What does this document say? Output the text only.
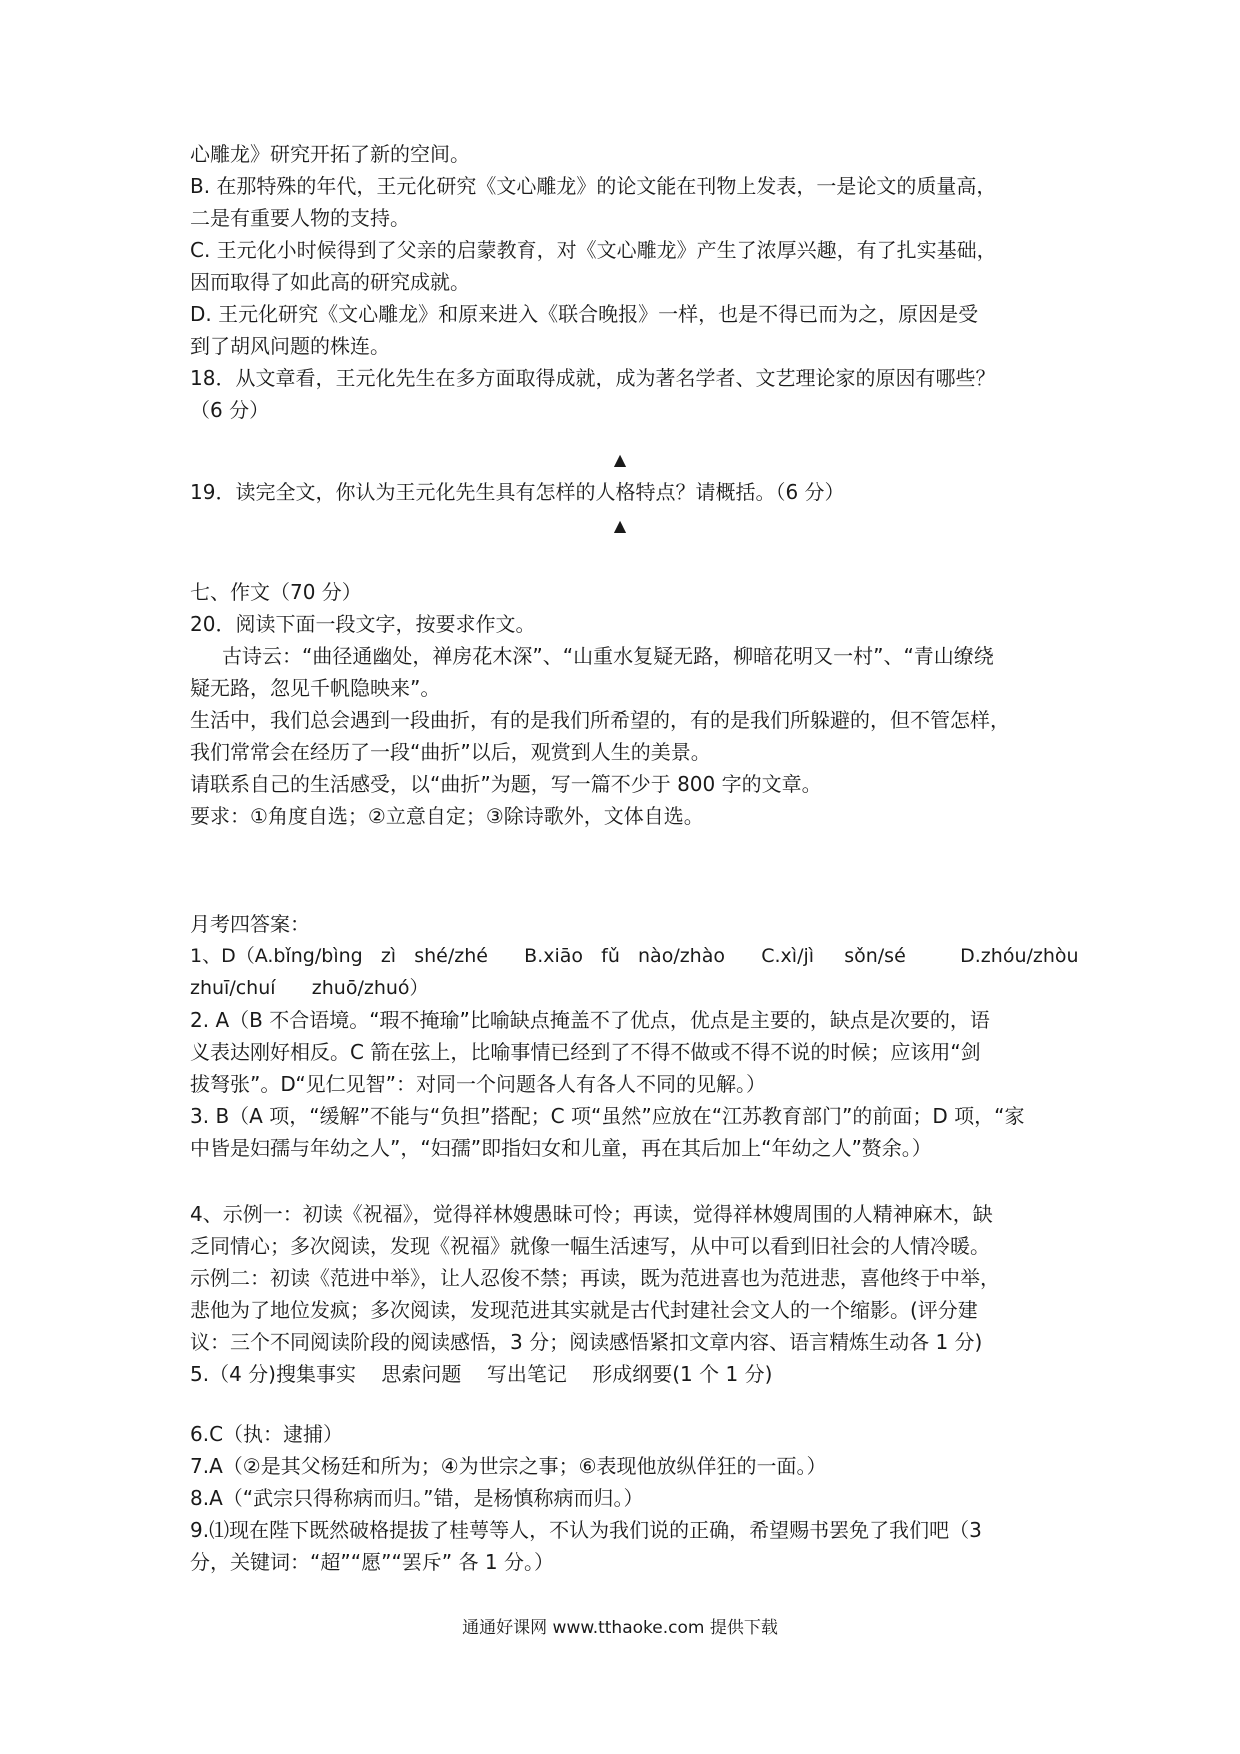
心雕龙》研究开拓了新的空间。
B. 在那特殊的年代，王元化研究《文心雕龙》的论文能在刊物上发表，一是论文的质量高，
二是有重要人物的支持。
C. 王元化小时候得到了父亲的启蒙教育，对《文心雕龙》产生了浓厚兴趣，有了扎实基础，
因而取得了如此高的研究成就。
D. 王元化研究《文心雕龙》和原来进入《联合晚报》一样，也是不得已而为之，原因是受
到了胡风问题的株连。
18．从文章看，王元化先生在多方面取得成就，成为著名学者、文艺理论家的原因有哪些？
（6 分）
▲
19．读完全文，你认为王元化先生具有怎样的人格特点？请概括。（6 分）
▲
七、作文（70 分）
20．阅读下面一段文字，按要求作文。
古诗云：“曲径通幽处，禅房花木深”、“山重水复疑无路，柳暗花明又一村”、“青山缭绕
疑无路，忽见千帆隐映来”。
生活中，我们总会遇到一段曲折，有的是我们所希望的，有的是我们所躲避的，但不管怎样，
我们常常会在经历了一段“曲折”以后，观赏到人生的美景。
请联系自己的生活感受，以“曲折”为题，写一篇不少于 800 字的文章。
要求：①角度自选；②立意自定；③除诗歌外，文体自选。
月考四答案：
1、D（A.bǐng/bìng   zì   shé/zhé      B.xiāo   fǔ   nào/zhào      C.xì/jì     sǒn/sé         D.zhóu/zhòu
zhuī/chuí      zhuō/zhuó）
2. A（B 不合语境。“瑕不掩瑜”比喻缺点掩盖不了优点，优点是主要的，缺点是次要的，语
义表达刚好相反。C 箭在弦上，比喻事情已经到了不得不做或不得不说的时候；应该用“剑
拔弩张”。D“见仁见智”：对同一个问题各人有各人不同的见解。）
3. B（A 项，“缓解”不能与“负担”搭配；C 项“虽然”应放在“江苏教育部门”的前面；D 项，“家
中皆是妇孺与年幼之人”，“妇孺”即指妇女和儿童，再在其后加上“年幼之人”赘余。）
4、示例一：初读《祝福》，觉得祥林嫂愚昧可怜；再读，觉得祥林嫂周围的人精神麻木，缺
乏同情心；多次阅读，发现《祝福》就像一幅生活速写，从中可以看到旧社会的人情冷暖。
示例二：初读《范进中举》，让人忍俊不禁；再读，既为范进喜也为范进悲，喜他终于中举，
悲他为了地位发疯；多次阅读，发现范进其实就是古代封建社会文人的一个缩影。(评分建
议：三个不同阅读阶段的阅读感悟，3 分；阅读感悟紧扣文章内容、语言精炼生动各 1 分)
5.（4 分)搜集事实    思索问题    写出笔记    形成纲要(1 个 1 分)
6.C（执：逮捕）
7.A（②是其父杨廷和所为；④为世宗之事；⑥表现他放纵佯狂的一面。）
8.A（“武宗只得称病而归。”错，是杨慎称病而归。）
9.⑴现在陛下既然破格提拔了桂萼等人，不认为我们说的正确，希望赐书罢免了我们吧（3
分，关键词：“超”“愿”“罢斥” 各 1 分。）
通通好课网 www.tthaoke.com 提供下载
